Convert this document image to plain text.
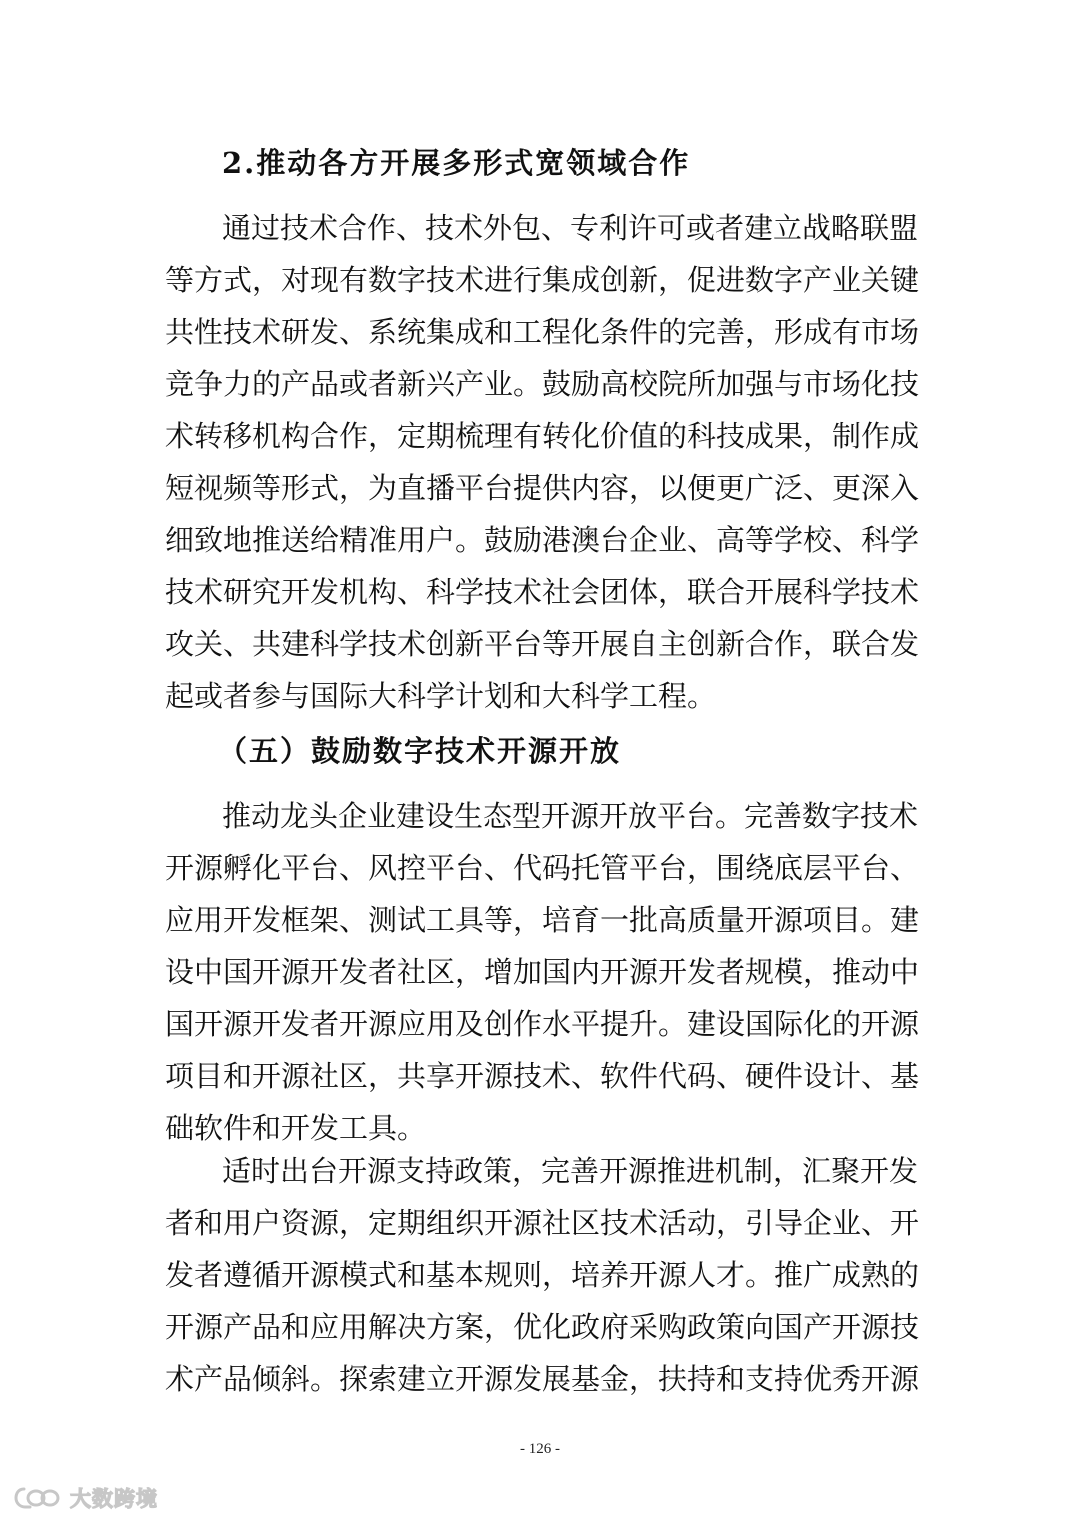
2.推动各方开展多形式宽领域合作
通过技术合作、技术外包、专利许可或者建立战略联盟
等方式，对现有数字技术进行集成创新，促进数字产业关键
共性技术研发、系统集成和工程化条件的完善，形成有市场
竞争力的产品或者新兴产业。鼓励高校院所加强与市场化技
术转移机构合作，定期梳理有转化价值的科技成果，制作成
短视频等形式，为直播平台提供内容，以便更广泛、更深入
细致地推送给精准用户。鼓励港澳台企业、高等学校、科学
技术研究开发机构、科学技术社会团体，联合开展科学技术
攻关、共建科学技术创新平台等开展自主创新合作，联合发
起或者参与国际大科学计划和大科学工程。
（五）鼓励数字技术开源开放
推动龙头企业建设生态型开源开放平台。完善数字技术
开源孵化平台、风控平台、代码托管平台，围绕底层平台、
应用开发框架、测试工具等，培育一批高质量开源项目。建
设中国开源开发者社区，增加国内开源开发者规模，推动中
国开源开发者开源应用及创作水平提升。建设国际化的开源
项目和开源社区，共享开源技术、软件代码、硬件设计、基
础软件和开发工具。
适时出台开源支持政策，完善开源推进机制，汇聚开发
者和用户资源，定期组织开源社区技术活动，引导企业、开
发者遵循开源模式和基本规则，培养开源人才。推广成熟的
开源产品和应用解决方案，优化政府采购政策向国产开源技
术产品倾斜。探索建立开源发展基金，扶持和支持优秀开源
- 126 -
大数跨境
